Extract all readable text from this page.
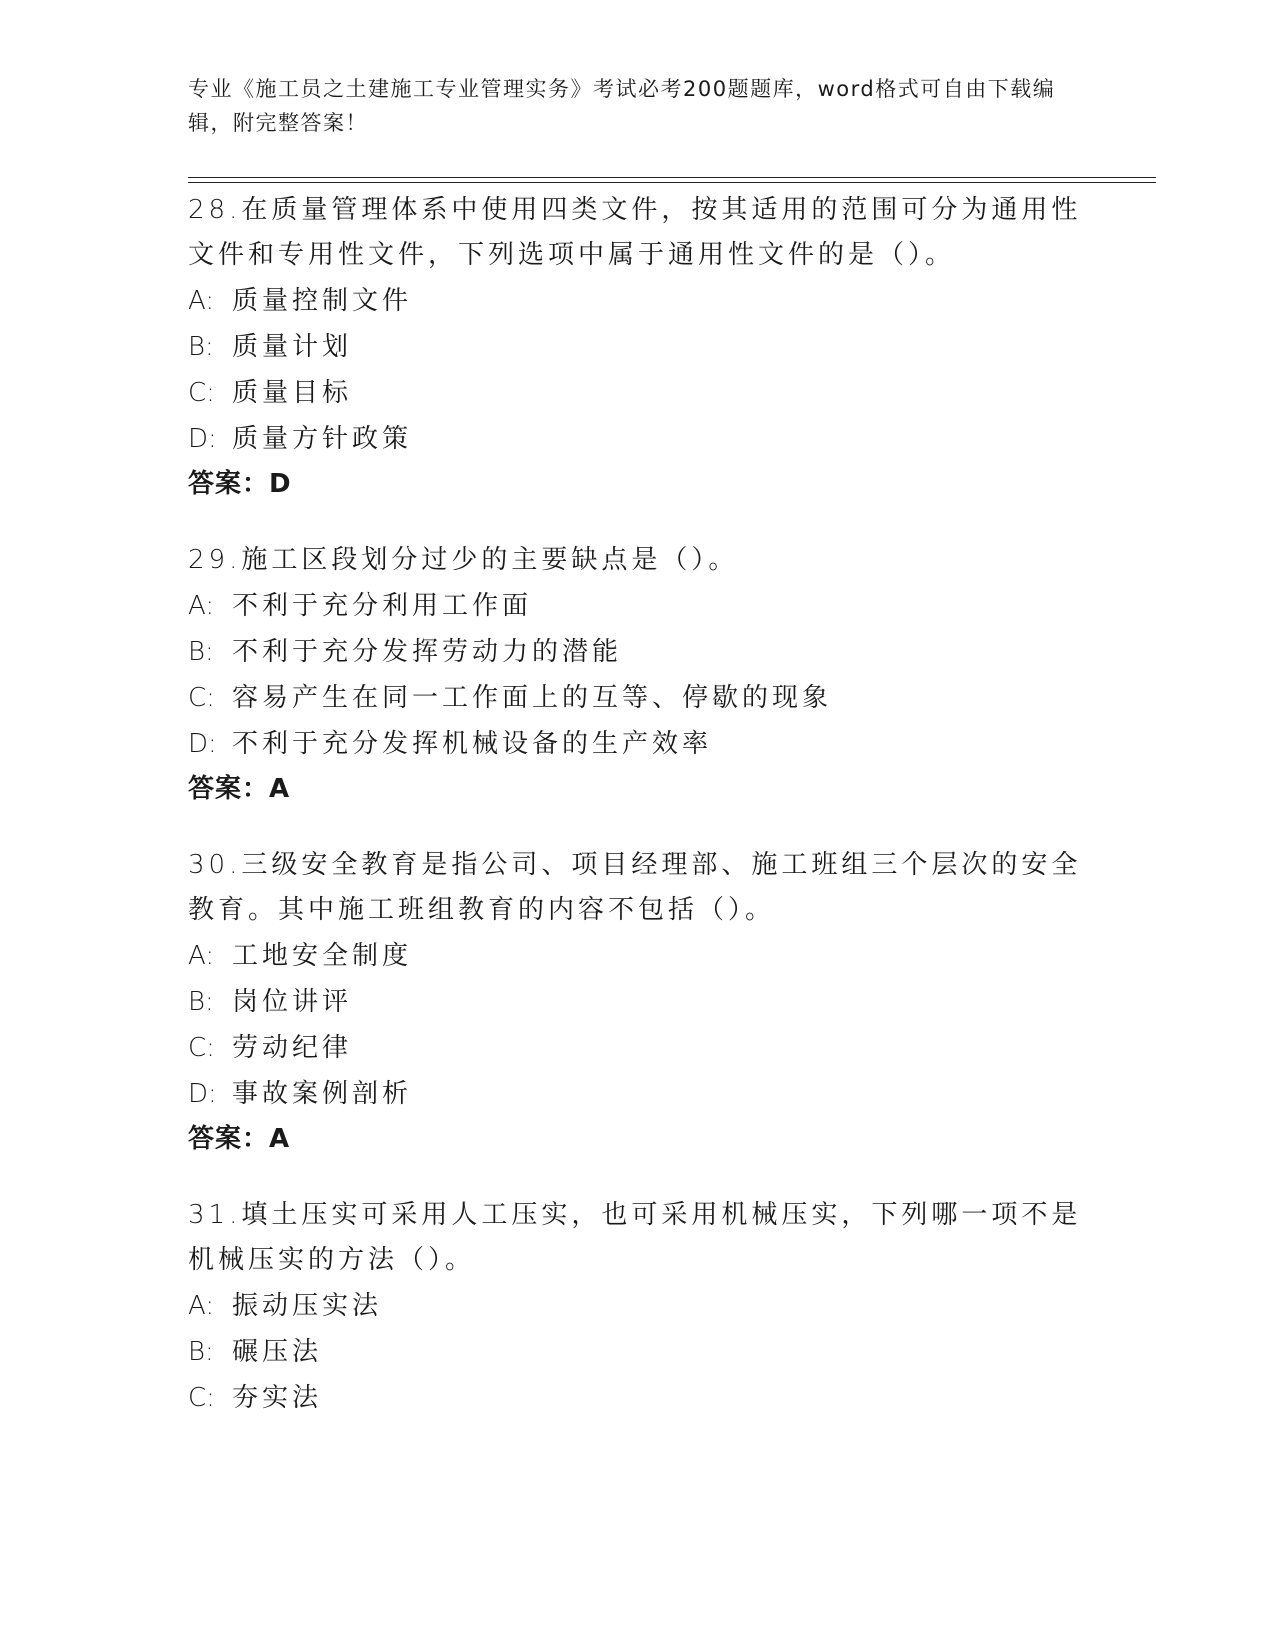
专业《施工员之土建施工专业管理实务》考试必考200题题库，word格式可自由下载编辑，附完整答案！
28.在质量管理体系中使用四类文件，按其适用的范围可分为通用性文件和专用性文件，下列选项中属于通用性文件的是（）。
A: 质量控制文件
B: 质量计划
C: 质量目标
D: 质量方针政策
答案：D
29.施工区段划分过少的主要缺点是（）。
A: 不利于充分利用工作面
B: 不利于充分发挥劳动力的潜能
C: 容易产生在同一工作面上的互等、停歇的现象
D: 不利于充分发挥机械设备的生产效率
答案：A
30.三级安全教育是指公司、项目经理部、施工班组三个层次的安全教育。其中施工班组教育的内容不包括（）。
A: 工地安全制度
B: 岗位讲评
C: 劳动纪律
D: 事故案例剖析
答案：A
31.填土压实可采用人工压实，也可采用机械压实，下列哪一项不是机械压实的方法（）。
A: 振动压实法
B: 碾压法
C: 夯实法
